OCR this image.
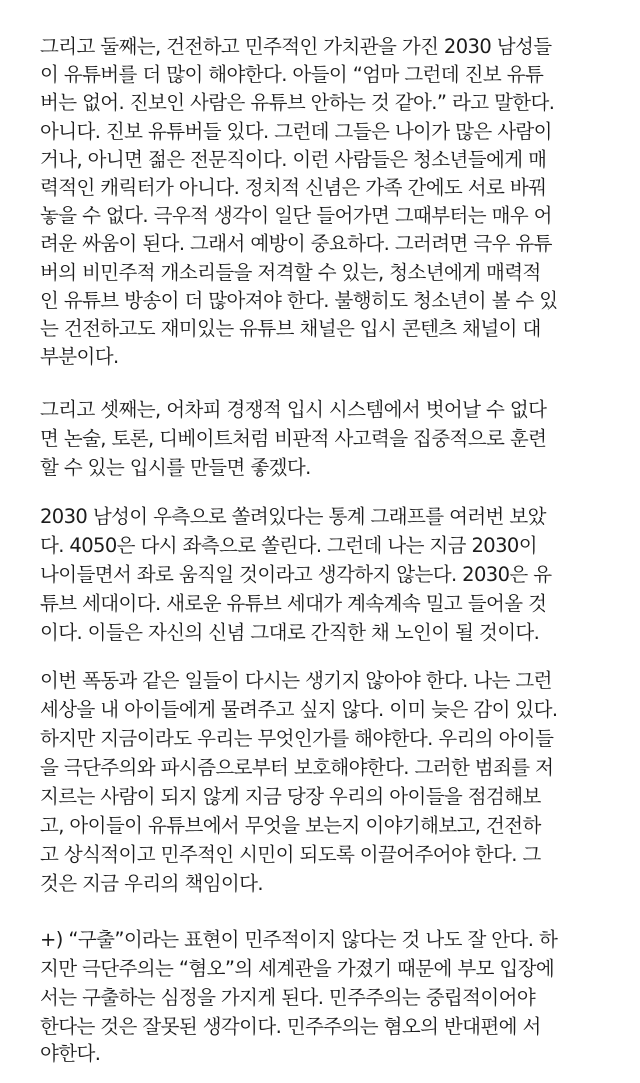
그리고 둘째는, 건전하고 민주적인 가치관을 가진 2030 남성들
이 유튜버를 더 많이 해야한다. 아들이 “엄마 그런데 진보 유튜
버는 없어. 진보인 사람은 유튜브 안하는 것 같아.” 라고 말한다.
아니다. 진보 유튜버들 있다. 그런데 그들은 나이가 많은 사람이
거나, 아니면 젊은 전문직이다. 이런 사람들은 청소년들에게 매
력적인 캐릭터가 아니다. 정치적 신념은 가족 간에도 서로 바꿔
놓을 수 없다. 극우적 생각이 일단 들어가면 그때부터는 매우 어
려운 싸움이 된다. 그래서 예방이 중요하다. 그러려면 극우 유튜
버의 비민주적 개소리들을 저격할 수 있는, 청소년에게 매력적
인 유튜브 방송이 더 많아져야 한다. 불행히도 청소년이 볼 수 있
는 건전하고도 재미있는 유튜브 채널은 입시 콘텐츠 채널이 대
부분이다.
그리고 셋째는, 어차피 경쟁적 입시 시스템에서 벗어날 수 없다
면 논술, 토론, 디베이트처럼 비판적 사고력을 집중적으로 훈련
할 수 있는 입시를 만들면 좋겠다.
2030 남성이 우측으로 쏠려있다는 통계 그래프를 여러번 보았
다. 4050은 다시 좌측으로 쏠린다. 그런데 나는 지금 2030이
나이들면서 좌로 움직일 것이라고 생각하지 않는다. 2030은 유
튜브 세대이다. 새로운 유튜브 세대가 계속계속 밀고 들어올 것
이다. 이들은 자신의 신념 그대로 간직한 채 노인이 될 것이다.
이번 폭동과 같은 일들이 다시는 생기지 않아야 한다. 나는 그런
세상을 내 아이들에게 물려주고 싶지 않다. 이미 늦은 감이 있다.
하지만 지금이라도 우리는 무엇인가를 해야한다. 우리의 아이들
을 극단주의와 파시즘으로부터 보호해야한다. 그러한 범죄를 저
지르는 사람이 되지 않게 지금 당장 우리의 아이들을 점검해보
고, 아이들이 유튜브에서 무엇을 보는지 이야기해보고, 건전하
고 상식적이고 민주적인 시민이 되도록 이끌어주어야 한다. 그
것은 지금 우리의 책임이다.
+) “구출”이라는 표현이 민주적이지 않다는 것 나도 잘 안다. 하
지만 극단주의는 “혐오”의 세계관을 가졌기 때문에 부모 입장에
서는 구출하는 심정을 가지게 된다. 민주주의는 중립적이어야
한다는 것은 잘못된 생각이다. 민주주의는 혐오의 반대편에 서
야한다.
